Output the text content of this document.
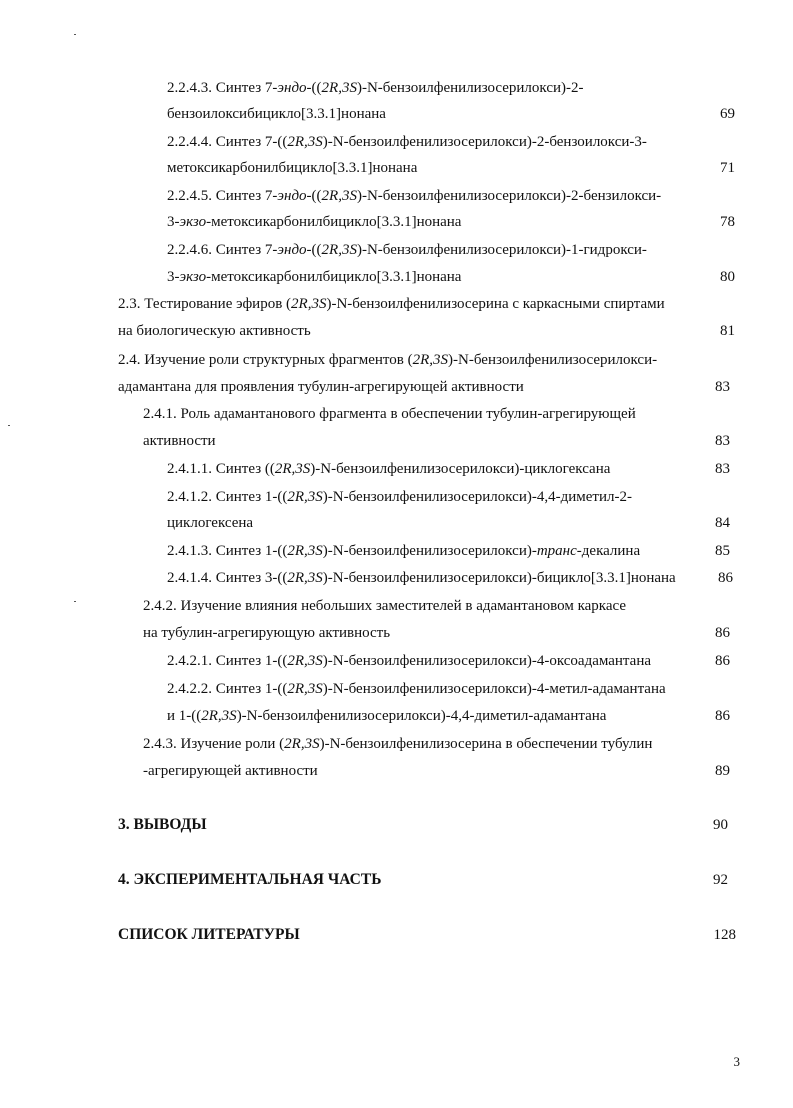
2.2.4.3. Синтез 7-эндо-((2R,3S)-N-бензоилфенилизосерилокси)-2-
бензоилоксибицикло[3.3.1]нонана	69
2.2.4.4. Синтез 7-((2R,3S)-N-бензоилфенилизосерилокси)-2-бензоилокси-3-
метоксикарбонилбицикло[3.3.1]нонана	71
2.2.4.5. Синтез 7-эндо-((2R,3S)-N-бензоилфенилизосерилокси)-2-бензилокси-
3-экзо-метоксикарбонилбицикло[3.3.1]нонана	78
2.2.4.6. Синтез 7-эндо-((2R,3S)-N-бензоилфенилизосерилокси)-1-гидрокси-
3-экзо-метоксикарбонилбицикло[3.3.1]нонана	80
2.3. Тестирование эфиров (2R,3S)-N-бензоилфенилизосерина с каркасными спиртами
на биологическую активность	81
2.4. Изучение роли структурных фрагментов (2R,3S)-N-бензоилфенилизосерилокси-
адамантана для проявления тубулин-агрегирующей активности	83
2.4.1. Роль адамантанового фрагмента в обеспечении тубулин-агрегирующей
активности	83
2.4.1.1. Синтез ((2R,3S)-N-бензоилфенилизосерилокси)-циклогексана	83
2.4.1.2. Синтез 1-((2R,3S)-N-бензоилфенилизосерилокси)-4,4-диметил-2-
циклогексена	84
2.4.1.3. Синтез 1-((2R,3S)-N-бензоилфенилизосерилокси)-транс-декалина	85
2.4.1.4. Синтез 3-((2R,3S)-N-бензоилфенилизосерилокси)-бицикло[3.3.1]нонана	86
2.4.2. Изучение влияния небольших заместителей в адамантановом каркасе
на тубулин-агрегирующую активность	86
2.4.2.1. Синтез 1-((2R,3S)-N-бензоилфенилизосерилокси)-4-оксоадамантана	86
2.4.2.2. Синтез 1-((2R,3S)-N-бензоилфенилизосерилокси)-4-метил-адамантана
и 1-((2R,3S)-N-бензоилфенилизосерилокси)-4,4-диметил-адамантана	86
2.4.3. Изучение роли (2R,3S)-N-бензоилфенилизосерина в обеспечении тубулин
-агрегирующей активности	89
3. ВЫВОДЫ	90
4. ЭКСПЕРИМЕНТАЛЬНАЯ ЧАСТЬ	92
СПИСОК ЛИТЕРАТУРЫ	128
3
